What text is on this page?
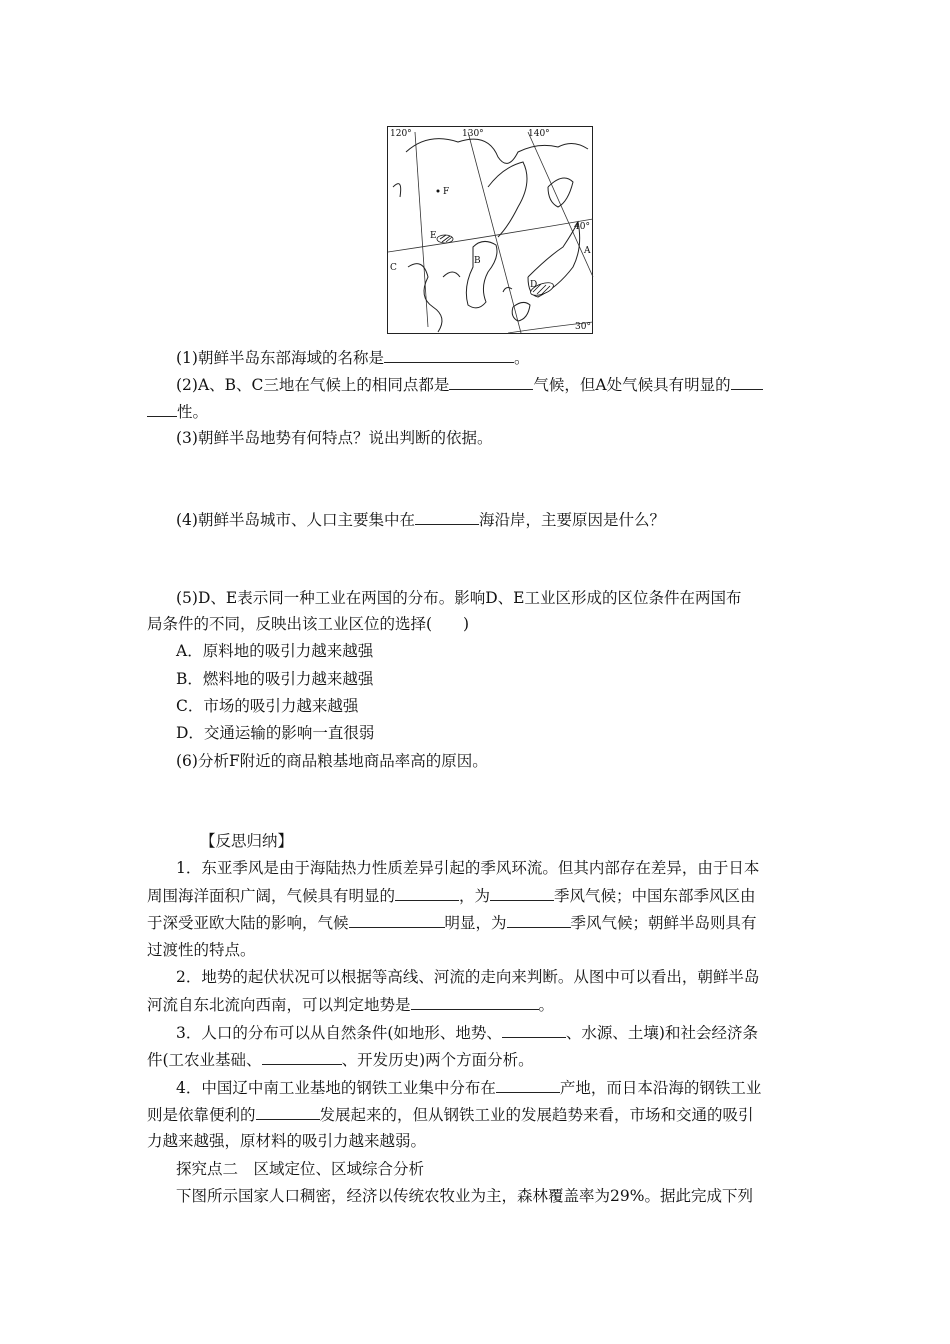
120°	130°	140°
40°
30°
F
E
A
B
C
D
(1)朝鲜半岛东部海域的名称是	。
(2)A、B、C三地在气候上的相同点都是	气候，但A处气候具有明显的
性。
(3)朝鲜半岛地势有何特点？说出判断的依据。
(4)朝鲜半岛城市、人口主要集中在	海沿岸，主要原因是什么？
(5)D、E表示同一种工业在两国的分布。影响D、E工业区形成的区位条件在两国布
局条件的不同，反映出该工业区位的选择(　　)
A．原料地的吸引力越来越强
B．燃料地的吸引力越来越强
C．市场的吸引力越来越强
D．交通运输的影响一直很弱
(6)分析F附近的商品粮基地商品率高的原因。
【反思归纳】
1．东亚季风是由于海陆热力性质差异引起的季风环流。但其内部存在差异，由于日本
周围海洋面积广阔，气候具有明显的	，为	季风气候；中国东部季风区由
于深受亚欧大陆的影响，气候	明显，为	季风气候；朝鲜半岛则具有
过渡性的特点。
2．地势的起伏状况可以根据等高线、河流的走向来判断。从图中可以看出，朝鲜半岛
河流自东北流向西南，可以判定地势是	。
3．人口的分布可以从自然条件(如地形、地势、	、水源、土壤)和社会经济条
件(工农业基础、	、开发历史)两个方面分析。
4．中国辽中南工业基地的钢铁工业集中分布在	产地，而日本沿海的钢铁工业
则是依靠便利的	发展起来的，但从钢铁工业的发展趋势来看，市场和交通的吸引
力越来越强，原材料的吸引力越来越弱。
探究点二　区域定位、区域综合分析
下图所示国家人口稠密，经济以传统农牧业为主，森林覆盖率为29%。据此完成下列
